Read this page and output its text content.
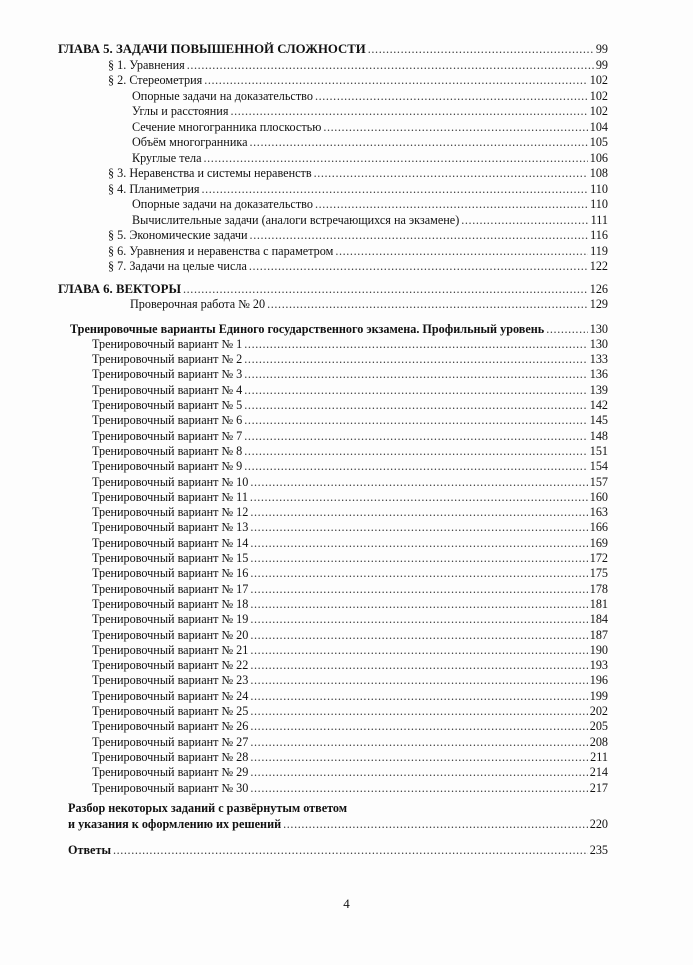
ГЛАВА 5. ЗАДАЧИ ПОВЫШЕННОЙ СЛОЖНОСТИ .....	99
§ 1. Уравнения .....	99
§ 2. Стереометрия .....	102
Опорные задачи на доказательство .....	102
Углы и расстояния .....	102
Сечение многогранника плоскостью .....	104
Объём многогранника .....	105
Круглые тела .....	106
§ 3. Неравенства и системы неравенств .....	108
§ 4. Планиметрия .....	110
Опорные задачи на доказательство .....	110
Вычислительные задачи (аналоги встречающихся на экзамене) .....	111
§ 5. Экономические задачи .....	116
§ 6. Уравнения и неравенства с параметром .....	119
§ 7. Задачи на целые числа .....	122
ГЛАВА 6. ВЕКТОРЫ .....	126
Проверочная работа № 20 .....	129
Тренировочные варианты Единого государственного экзамена. Профильный уровень .....	130
Тренировочный вариант № 1 .....	130
Тренировочный вариант № 2 .....	133
Тренировочный вариант № 3 .....	136
Тренировочный вариант № 4 .....	139
Тренировочный вариант № 5 .....	142
Тренировочный вариант № 6 .....	145
Тренировочный вариант № 7 .....	148
Тренировочный вариант № 8 .....	151
Тренировочный вариант № 9 .....	154
Тренировочный вариант № 10 .....	157
Тренировочный вариант № 11 .....	160
Тренировочный вариант № 12 .....	163
Тренировочный вариант № 13 .....	166
Тренировочный вариант № 14 .....	169
Тренировочный вариант № 15 .....	172
Тренировочный вариант № 16 .....	175
Тренировочный вариант № 17 .....	178
Тренировочный вариант № 18 .....	181
Тренировочный вариант № 19 .....	184
Тренировочный вариант № 20 .....	187
Тренировочный вариант № 21 .....	190
Тренировочный вариант № 22 .....	193
Тренировочный вариант № 23 .....	196
Тренировочный вариант № 24 .....	199
Тренировочный вариант № 25 .....	202
Тренировочный вариант № 26 .....	205
Тренировочный вариант № 27 .....	208
Тренировочный вариант № 28 .....	211
Тренировочный вариант № 29 .....	214
Тренировочный вариант № 30 .....	217
Разбор некоторых заданий с развёрнутым ответом
и указания к оформлению их решений .....	220
Ответы .....	235
4
